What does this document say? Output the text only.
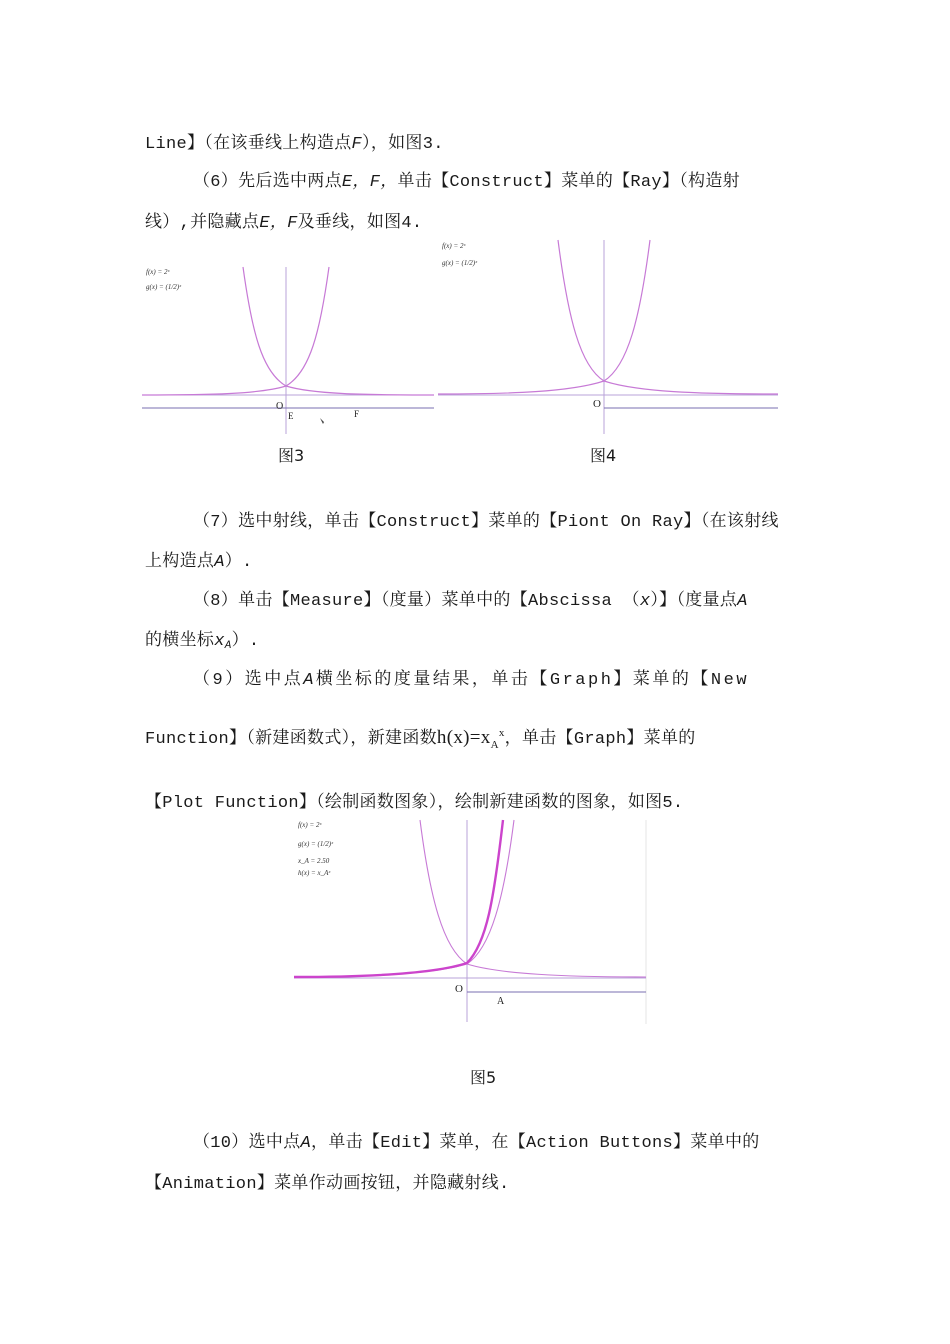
Line】（在该垂线上构造点F），如图3.
（6）先后选中两点E，F，单击【Construct】菜单的【Ray】（构造射
线）,并隐藏点E，F及垂线，如图4.
f(x) = 2ˣ
g(x) = (1/2)ˣ
O
E	F
图3
f(x) = 2ˣ
g(x) = (1/2)ˣ
O
图4
（7）选中射线，单击【Construct】菜单的【Piont On Ray】（在该射线
上构造点A）.
（8）单击【Measure】（度量）菜单中的【Abscissa （x）】（度量点A
的横坐标$x_A$）.
（9）选中点A横坐标的度量结果，单击【Graph】菜单的【New
Function】（新建函数式），新建函数$h(x)=x_A^x$，单击【Graph】菜单的
【Plot Function】（绘制函数图象），绘制新建函数的图象，如图5.
f(x) = 2ˣ
g(x) = (1/2)ˣ
x_A = 2.50
h(x) = x_Aˣ
O
A
图5
（10）选中点A，单击【Edit】菜单，在【Action Buttons】菜单中的
【Animation】菜单作动画按钮，并隐藏射线.
